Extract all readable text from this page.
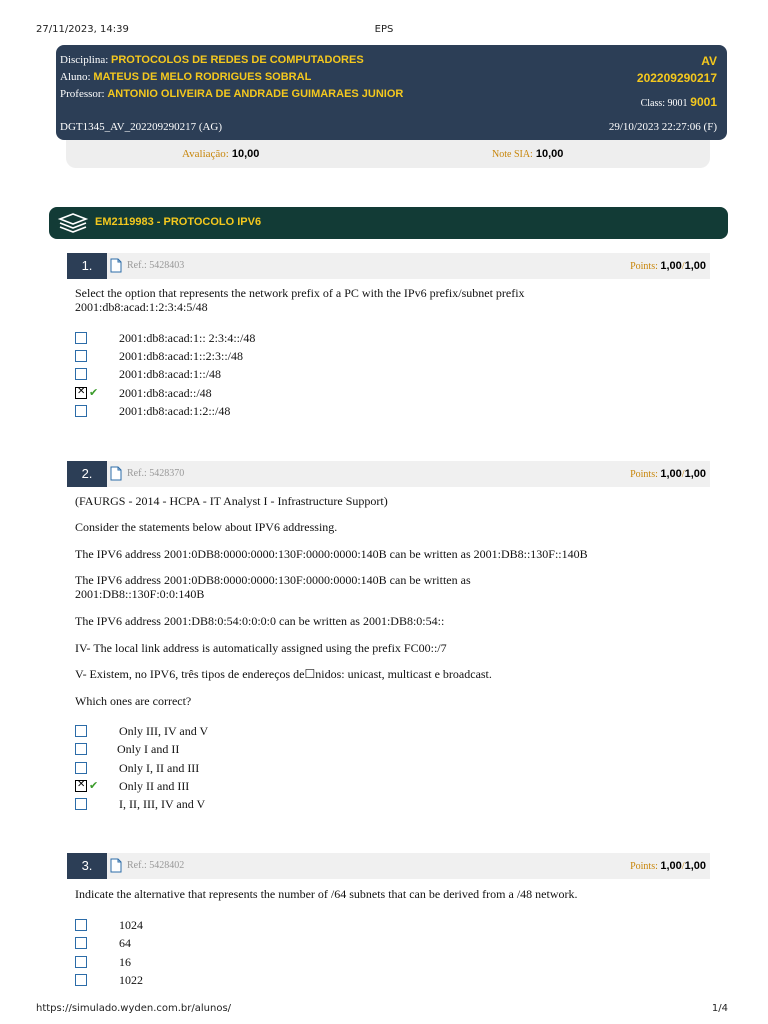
27/11/2023, 14:39	EPS
Disciplina: PROTOCOLOS DE REDES DE COMPUTADORES
Aluno: MATEUS DE MELO RODRIGUES SOBRAL
Professor: ANTONIO OLIVEIRA DE ANDRADE GUIMARAES JUNIOR
DGT1345_AV_202209290217 (AG)
AV
202209290217
Class: 9001 9001
29/10/2023 22:27:06 (F)
Avaliação: 10,00	Note SIA: 10,00
EM2119983 - PROTOCOLO IPV6
1.	Ref.: 5428403	Points: 1,00/1,00
Select the option that represents the network prefix of a PC with the IPv6 prefix/subnet prefix
2001:db8:acad:1:2:3:4:5/48
2001:db8:acad:1:: 2:3:4::/48
2001:db8:acad:1::2:3::/48
2001:db8:acad:1::/48
✕
✔ 2001:db8:acad::/48
2001:db8:acad:1:2::/48
2.	Ref.: 5428370	Points: 1,00/1,00
(FAURGS - 2014 - HCPA - IT Analyst I - Infrastructure Support)
Consider the statements below about IPV6 addressing.
The IPV6 address 2001:0DB8:0000:0000:130F:0000:0000:140B can be written as 2001:DB8::130F::140B
The IPV6 address 2001:0DB8:0000:0000:130F:0000:0000:140B can be written as
2001:DB8::130F:0:0:140B
The IPV6 address 2001:DB8:0:54:0:0:0:0 can be written as 2001:DB8:0:54::
IV- The local link address is automatically assigned using the prefix FC00::/7
V- Existem, no IPV6, três tipos de endereços de☐nidos: unicast, multicast e broadcast.
Which ones are correct?
Only III, IV and V
Only I and II
Only I, II and III
✕
✔ Only II and III
I, II, III, IV and V
3.	Ref.: 5428402	Points: 1,00/1,00
Indicate the alternative that represents the number of /64 subnets that can be derived from a /48 network.
1024
64
16
1022
https://simulado.wyden.com.br/alunos/	1/4
